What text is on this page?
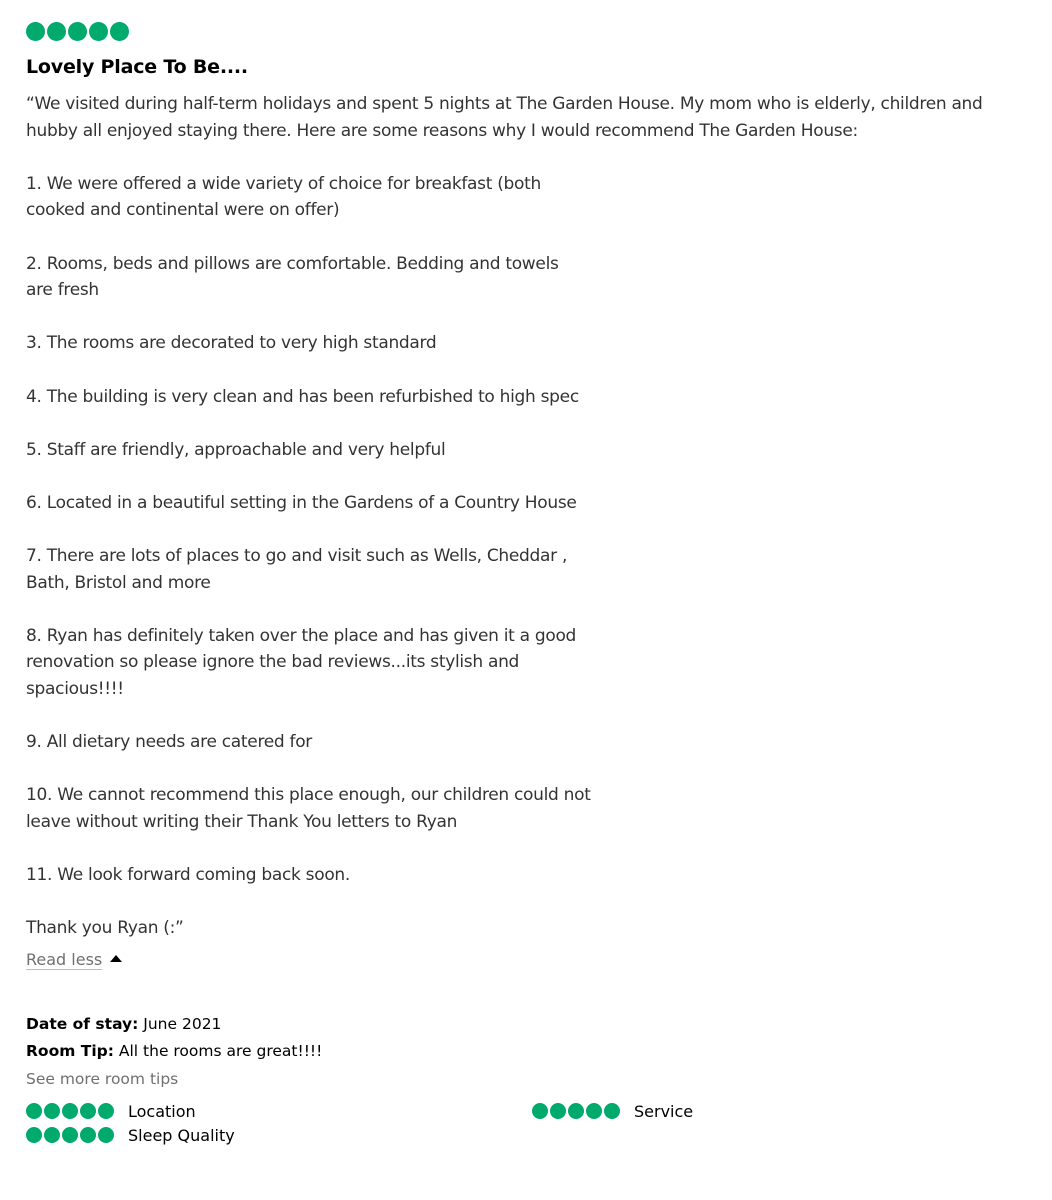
Lovely Place To Be....
“We visited during half-term holidays and spent 5 nights at The Garden House. My mom who is elderly, children and hubby all enjoyed staying there. Here are some reasons why I would recommend The Garden House:

1. We were offered a wide variety of choice for breakfast (both
cooked and continental were on offer)

2. Rooms, beds and pillows are comfortable. Bedding and towels
are fresh

3. The rooms are decorated to very high standard

4. The building is very clean and has been refurbished to high spec

5. Staff are friendly, approachable and very helpful

6. Located in a beautiful setting in the Gardens of a Country House

7. There are lots of places to go and visit such as Wells, Cheddar ,
Bath, Bristol and more

8. Ryan has definitely taken over the place and has given it a good
renovation so please ignore the bad reviews...its stylish and
spacious!!!!

9. All dietary needs are catered for

10. We cannot recommend this place enough, our children could not
leave without writing their Thank You letters to Ryan

11. We look forward coming back soon.

Thank you Ryan (:”
Read less
Date of stay: June 2021
Room Tip: All the rooms are great!!!!
See more room tips
Location	Service
Sleep Quality
